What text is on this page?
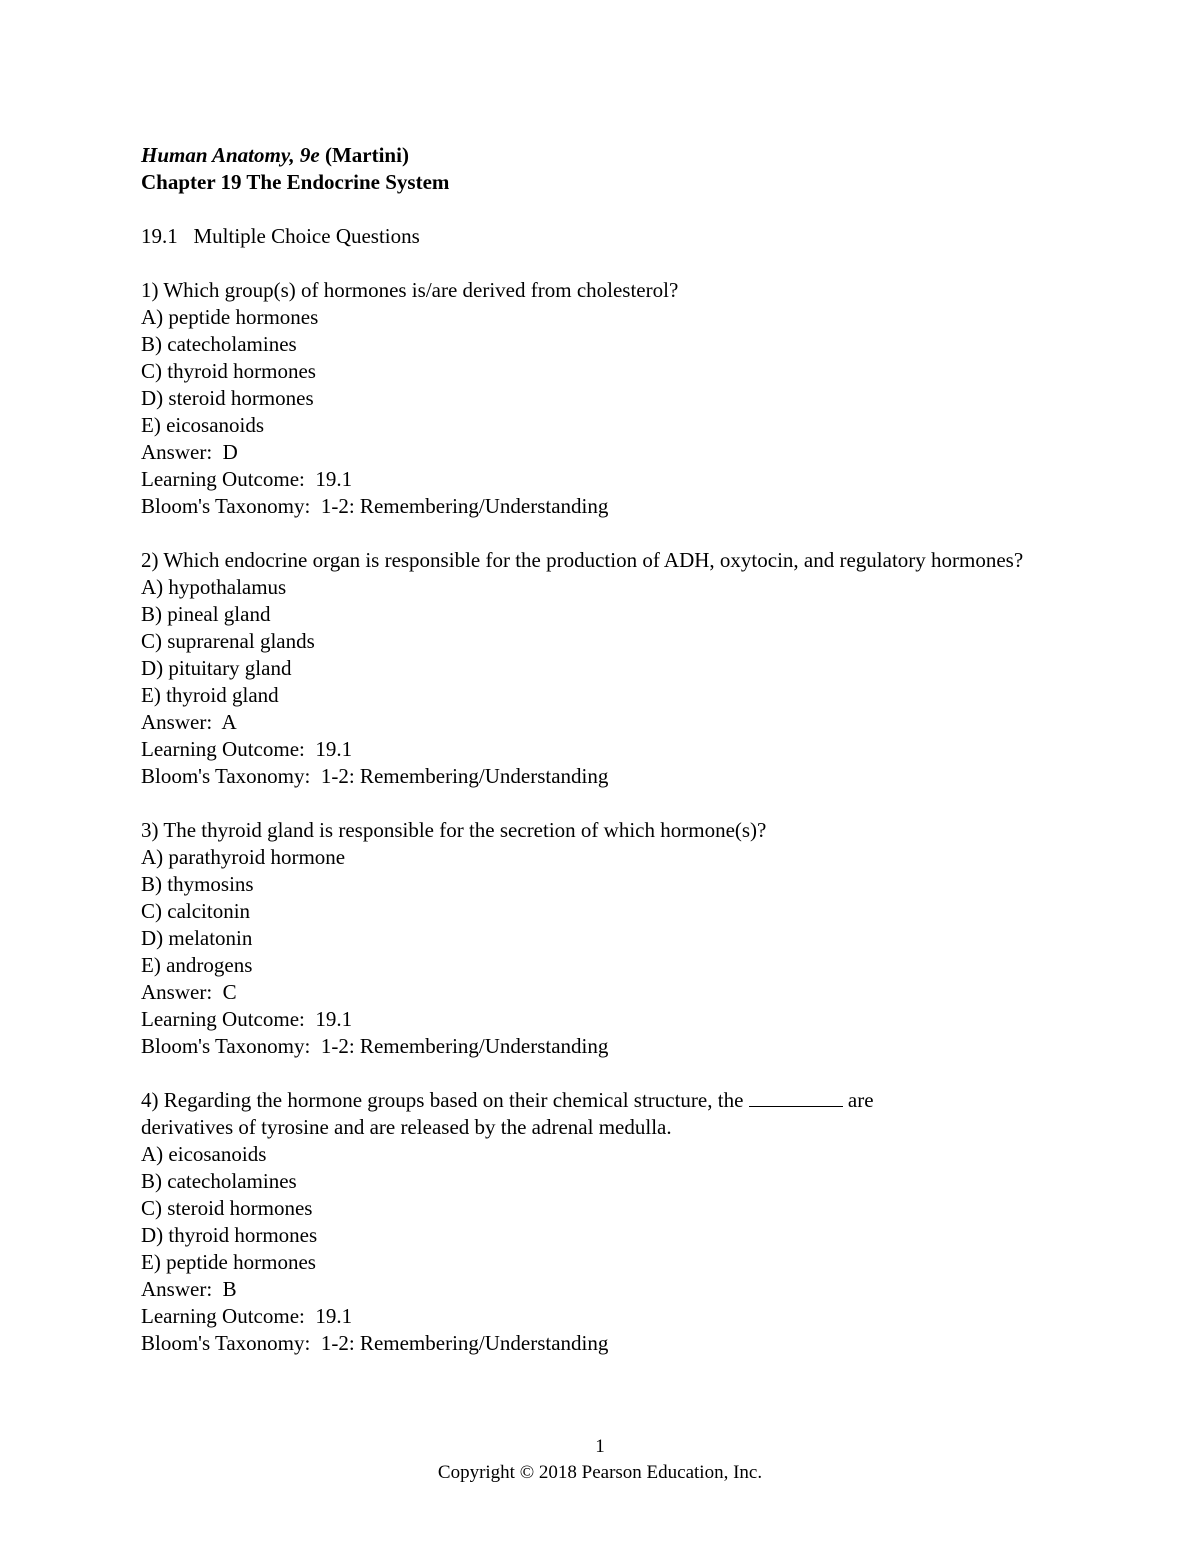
Human Anatomy, 9e (Martini)
Chapter 19 The Endocrine System
19.1   Multiple Choice Questions
1) Which group(s) of hormones is/are derived from cholesterol?
A) peptide hormones
B) catecholamines
C) thyroid hormones
D) steroid hormones
E) eicosanoids
Answer:  D
Learning Outcome:  19.1
Bloom's Taxonomy:  1-2: Remembering/Understanding
2) Which endocrine organ is responsible for the production of ADH, oxytocin, and regulatory hormones?
A) hypothalamus
B) pineal gland
C) suprarenal glands
D) pituitary gland
E) thyroid gland
Answer:  A
Learning Outcome:  19.1
Bloom's Taxonomy:  1-2: Remembering/Understanding
3) The thyroid gland is responsible for the secretion of which hormone(s)?
A) parathyroid hormone
B) thymosins
C) calcitonin
D) melatonin
E) androgens
Answer:  C
Learning Outcome:  19.1
Bloom's Taxonomy:  1-2: Remembering/Understanding
4) Regarding the hormone groups based on their chemical structure, the	are
derivatives of tyrosine and are released by the adrenal medulla.
A) eicosanoids
B) catecholamines
C) steroid hormones
D) thyroid hormones
E) peptide hormones
Answer:  B
Learning Outcome:  19.1
Bloom's Taxonomy:  1-2: Remembering/Understanding
1
Copyright © 2018 Pearson Education, Inc.
